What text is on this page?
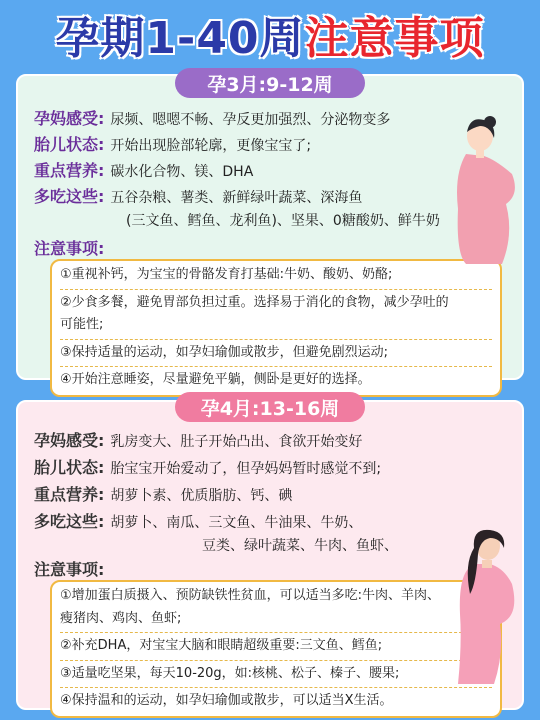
孕期1-40周注意事项
孕3月:9-12周
孕妈感受: 尿频、嗯嗯不畅、孕反更加强烈、分泌物变多
胎儿状态: 开始出现脸部轮廓，更像宝宝了;
重点营养: 碳水化合物、镁、DHA
多吃这些: 五谷杂粮、薯类、新鲜绿叶蔬菜、深海鱼
(三文鱼、鳕鱼、龙利鱼)、坚果、0糖酸奶、鲜牛奶
注意事项:

①重视补钙，为宝宝的骨骼发育打基础:牛奶、酸奶、奶酪;

②少食多餐，避免胃部负担过重。选择易于消化的食物，减少孕吐的

可能性;

③保持适量的运动，如孕妇瑜伽或散步，但避免剧烈运动;

④开始注意睡姿，尽量避免平躺，侧卧是更好的选择。

孕4月:13-16周
孕妈感受: 乳房变大、肚子开始凸出、食欲开始变好
胎儿状态: 胎宝宝开始爱动了，但孕妈妈暂时感觉不到;
重点营养: 胡萝卜素、优质脂肪、钙、碘
多吃这些: 胡萝卜、南瓜、三文鱼、牛油果、牛奶、
豆类、绿叶蔬菜、牛肉、鱼虾、
注意事项:

①增加蛋白质摄入、预防缺铁性贫血，可以适当多吃:牛肉、羊肉、

瘦猪肉、鸡肉、鱼虾;

②补充DHA，对宝宝大脑和眼睛超级重要:三文鱼、鳕鱼;

③适量吃坚果，每天10-20g，如:核桃、松子、榛子、腰果;

④保持温和的运动，如孕妇瑜伽或散步，可以适当X生活。
